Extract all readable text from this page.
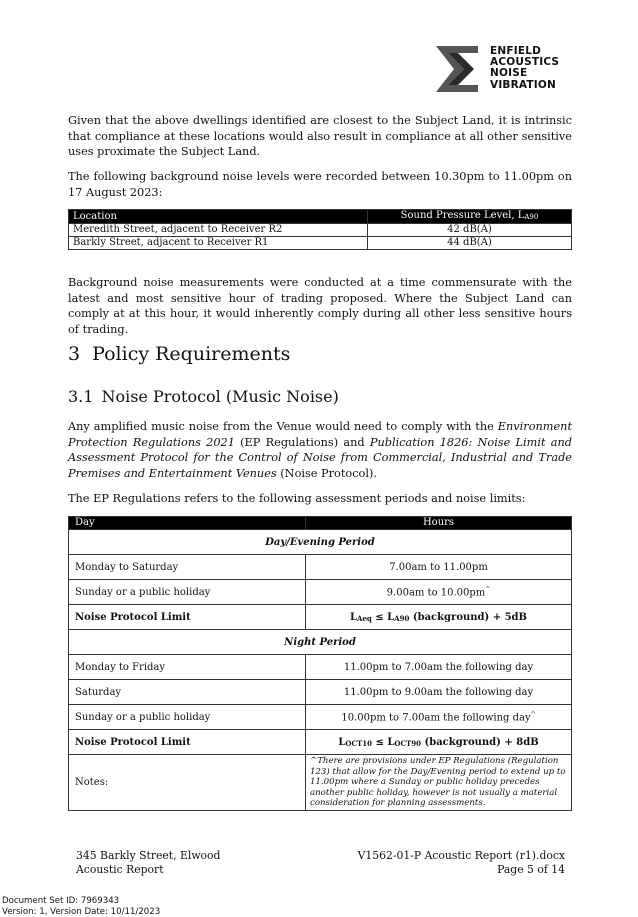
ENFIELD
ACOUSTICS
NOISE
VIBRATION

Given that the above dwellings identified are closest to the Subject Land, it is intrinsic that compliance at these locations would also result in compliance at all other sensitive uses proximate the Subject Land.

The following background noise levels were recorded between 10.30pm to 11.00pm on 17 August 2023:

Location	Sound Pressure Level, LA90
Meredith Street, adjacent to Receiver R2	42 dB(A)
Barkly Street, adjacent to Receiver R1	44 dB(A)

Background noise measurements were conducted at a time commensurate with the latest and most sensitive hour of trading proposed. Where the Subject Land can comply at at this hour, it would inherently comply during all other less sensitive hours of trading.

3 Policy Requirements
3.1 Noise Protocol (Music Noise)

Any amplified music noise from the Venue would need to comply with the Environment Protection Regulations 2021 (EP Regulations) and Publication 1826: Noise Limit and Assessment Protocol for the Control of Noise from Commercial, Industrial and Trade Premises and Entertainment Venues (Noise Protocol).

The EP Regulations refers to the following assessment periods and noise limits:

Day	Hours
Day/Evening Period	
Monday to Saturday	7.00am to 11.00pm
Sunday or a public holiday	9.00am to 10.00pm^
Noise Protocol Limit	LAeq ≤ LA90 (background) + 5dB
Night Period	
Monday to Friday	11.00pm to 7.00am the following day
Saturday	11.00pm to 9.00am the following day
Sunday or a public holiday	10.00pm to 7.00am the following day^
Noise Protocol Limit	LOCT10 ≤ LOCT90 (background) + 8dB
Notes:	^There are provisions under EP Regulations (Regulation 123) that allow for the Day/Evening period to extend up to 11.00pm where a Sunday or public holiday precedes another public holiday, however is not usually a material consideration for planning assessments.
345 Barkly Street, Elwood
Acoustic Report
V1562-01-P Acoustic Report (r1).docx
Page 5 of 14
Document Set ID: 7969343
Version: 1, Version Date: 10/11/2023
